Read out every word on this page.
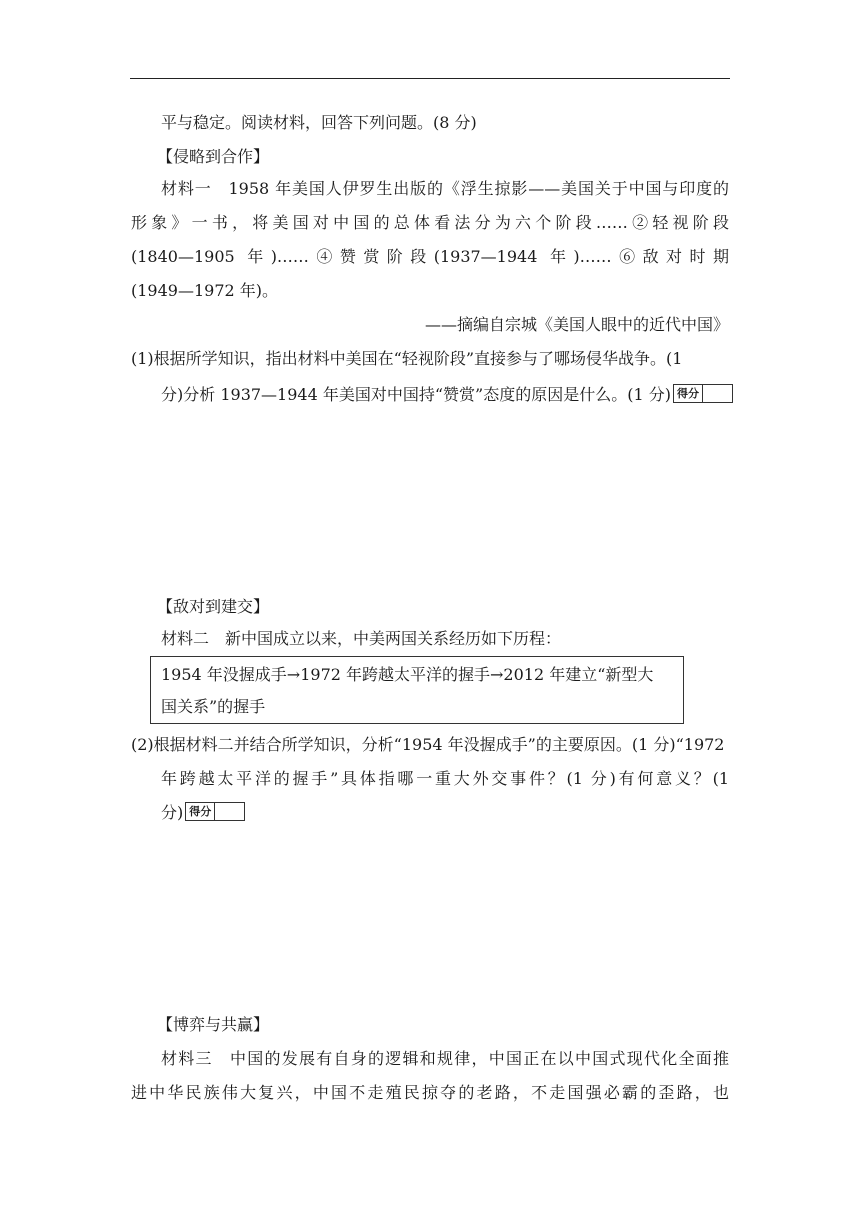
平与稳定。阅读材料，回答下列问题。(8 分)
【侵略到合作】
材料一　1958 年美国人伊罗生出版的《浮生掠影——美国关于中国与印度的
形象》一书，将美国对中国的总体看法分为六个阶段……②轻视阶段
(1840—1905 年)……④赞赏阶段(1937—1944 年)……⑥敌对时期
(1949—1972 年)。
——摘编自宗城《美国人眼中的近代中国》
(1)根据所学知识，指出材料中美国在“轻视阶段”直接参与了哪场侵华战争。(1
分)分析 1937—1944 年美国对中国持“赞赏”态度的原因是什么。(1 分) 得分
【敌对到建交】
材料二　新中国成立以来，中美两国关系经历如下历程：
1954 年没握成手→1972 年跨越太平洋的握手→2012 年建立“新型大
国关系”的握手
(2)根据材料二并结合所学知识，分析“1954 年没握成手”的主要原因。(1 分)“1972
年跨越太平洋的握手”具体指哪一重大外交事件？(1 分)有何意义？(1
分) 得分
【博弈与共赢】
材料三　中国的发展有自身的逻辑和规律，中国正在以中国式现代化全面推
进中华民族伟大复兴，中国不走殖民掠夺的老路，不走国强必霸的歪路，也
